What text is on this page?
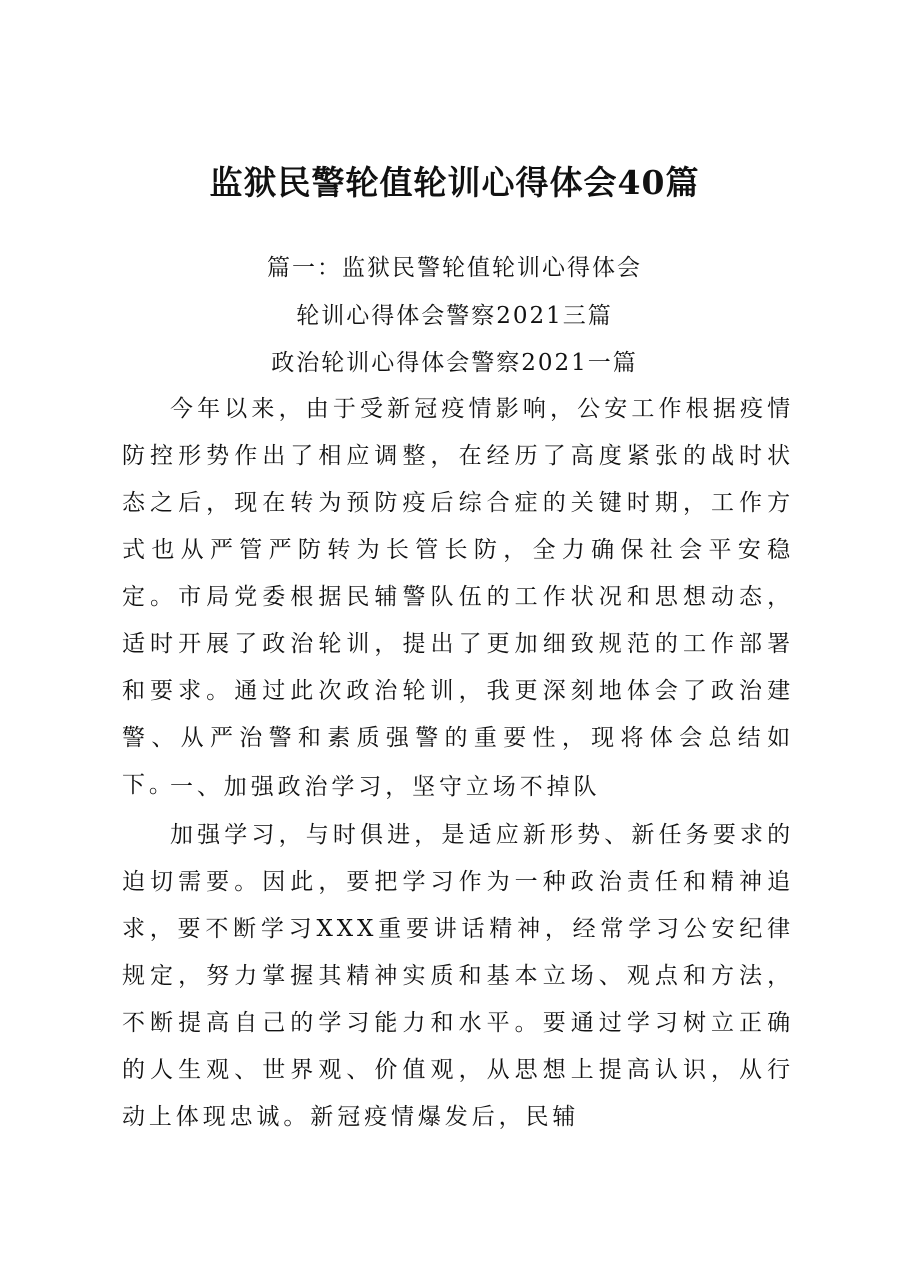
监狱民警轮值轮训心得体会40篇
篇一：监狱民警轮值轮训心得体会
轮训心得体会警察2021三篇
政治轮训心得体会警察2021一篇
今年以来，由于受新冠疫情影响，公安工作根据疫情防控形势作出了相应调整，在经历了高度紧张的战时状态之后，现在转为预防疫后综合症的关键时期，工作方式也从严管严防转为长管长防，全力确保社会平安稳定。市局党委根据民辅警队伍的工作状况和思想动态，适时开展了政治轮训，提出了更加细致规范的工作部署和要求。通过此次政治轮训，我更深刻地体会了政治建警、从严治警和素质强警的重要性，现将体会总结如下。
一、加强政治学习，坚守立场不掉队
加强学习，与时俱进，是适应新形势、新任务要求的迫切需要。因此，要把学习作为一种政治责任和精神追求，要不断学习XXX重要讲话精神，经常学习公安纪律规定，努力掌握其精神实质和基本立场、观点和方法，不断提高自己的学习能力和水平。要通过学习树立正确的人生观、世界观、价值观，从思想上提高认识，从行动上体现忠诚。新冠疫情爆发后，民辅
